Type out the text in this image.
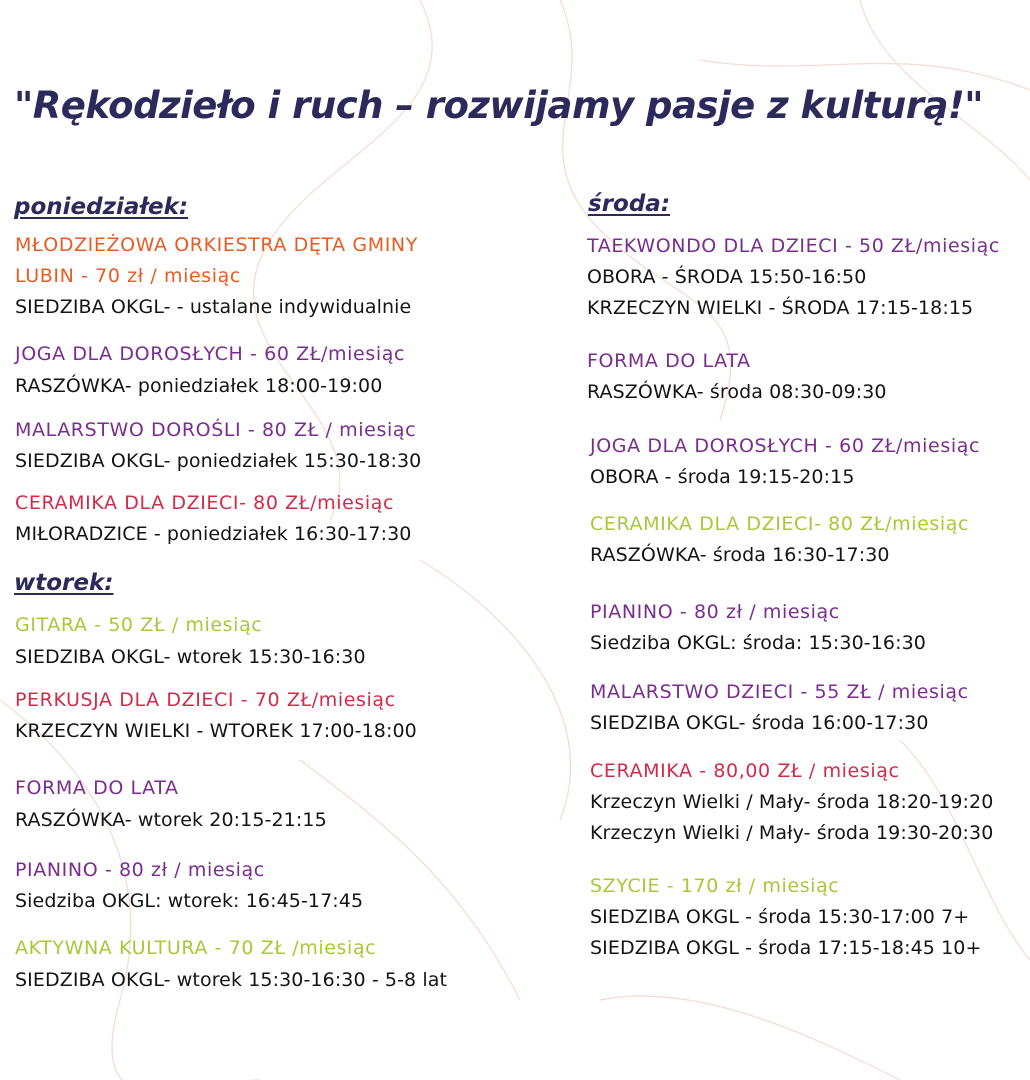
"Rękodzieło i ruch – rozwijamy pasje z kulturą!"
poniedziałek:
MŁODZIEŻOWA ORKIESTRA DĘTA GMINY
LUBIN - 70 zł / miesiąc
SIEDZIBA OKGL- - ustalane indywidualnie
JOGA DLA DOROSŁYCH - 60 ZŁ/miesiąc
RASZÓWKA- poniedziałek 18:00-19:00
MALARSTWO DOROŚLI - 80 ZŁ / miesiąc
SIEDZIBA OKGL- poniedziałek 15:30-18:30
CERAMIKA DLA DZIECI- 80 ZŁ/miesiąc
MIŁORADZICE - poniedziałek 16:30-17:30
wtorek:
GITARA - 50 ZŁ / miesiąc
SIEDZIBA OKGL- wtorek 15:30-16:30
PERKUSJA DLA DZIECI - 70 ZŁ/miesiąc
KRZECZYN WIELKI - WTOREK 17:00-18:00
FORMA DO LATA
RASZÓWKA- wtorek 20:15-21:15
PIANINO - 80 zł / miesiąc
Siedziba OKGL: wtorek: 16:45-17:45
AKTYWNA KULTURA - 70 ZŁ /miesiąc
SIEDZIBA OKGL- wtorek 15:30-16:30 - 5-8 lat
środa:
TAEKWONDO DLA DZIECI - 50 ZŁ/miesiąc
OBORA - ŚRODA 15:50-16:50
KRZECZYN WIELKI - ŚRODA 17:15-18:15
FORMA DO LATA
RASZÓWKA- środa 08:30-09:30
JOGA DLA DOROSŁYCH - 60 ZŁ/miesiąc
OBORA - środa 19:15-20:15
CERAMIKA DLA DZIECI- 80 ZŁ/miesiąc
RASZÓWKA- środa 16:30-17:30
PIANINO - 80 zł / miesiąc
Siedziba OKGL: środa: 15:30-16:30
MALARSTWO DZIECI - 55 ZŁ / miesiąc
SIEDZIBA OKGL- środa 16:00-17:30
CERAMIKA - 80,00 ZŁ / miesiąc
Krzeczyn Wielki / Mały- środa 18:20-19:20
Krzeczyn Wielki / Mały- środa 19:30-20:30
SZYCIE - 170 zł / miesiąc
SIEDZIBA OKGL - środa 15:30-17:00 7+
SIEDZIBA OKGL - środa 17:15-18:45 10+
